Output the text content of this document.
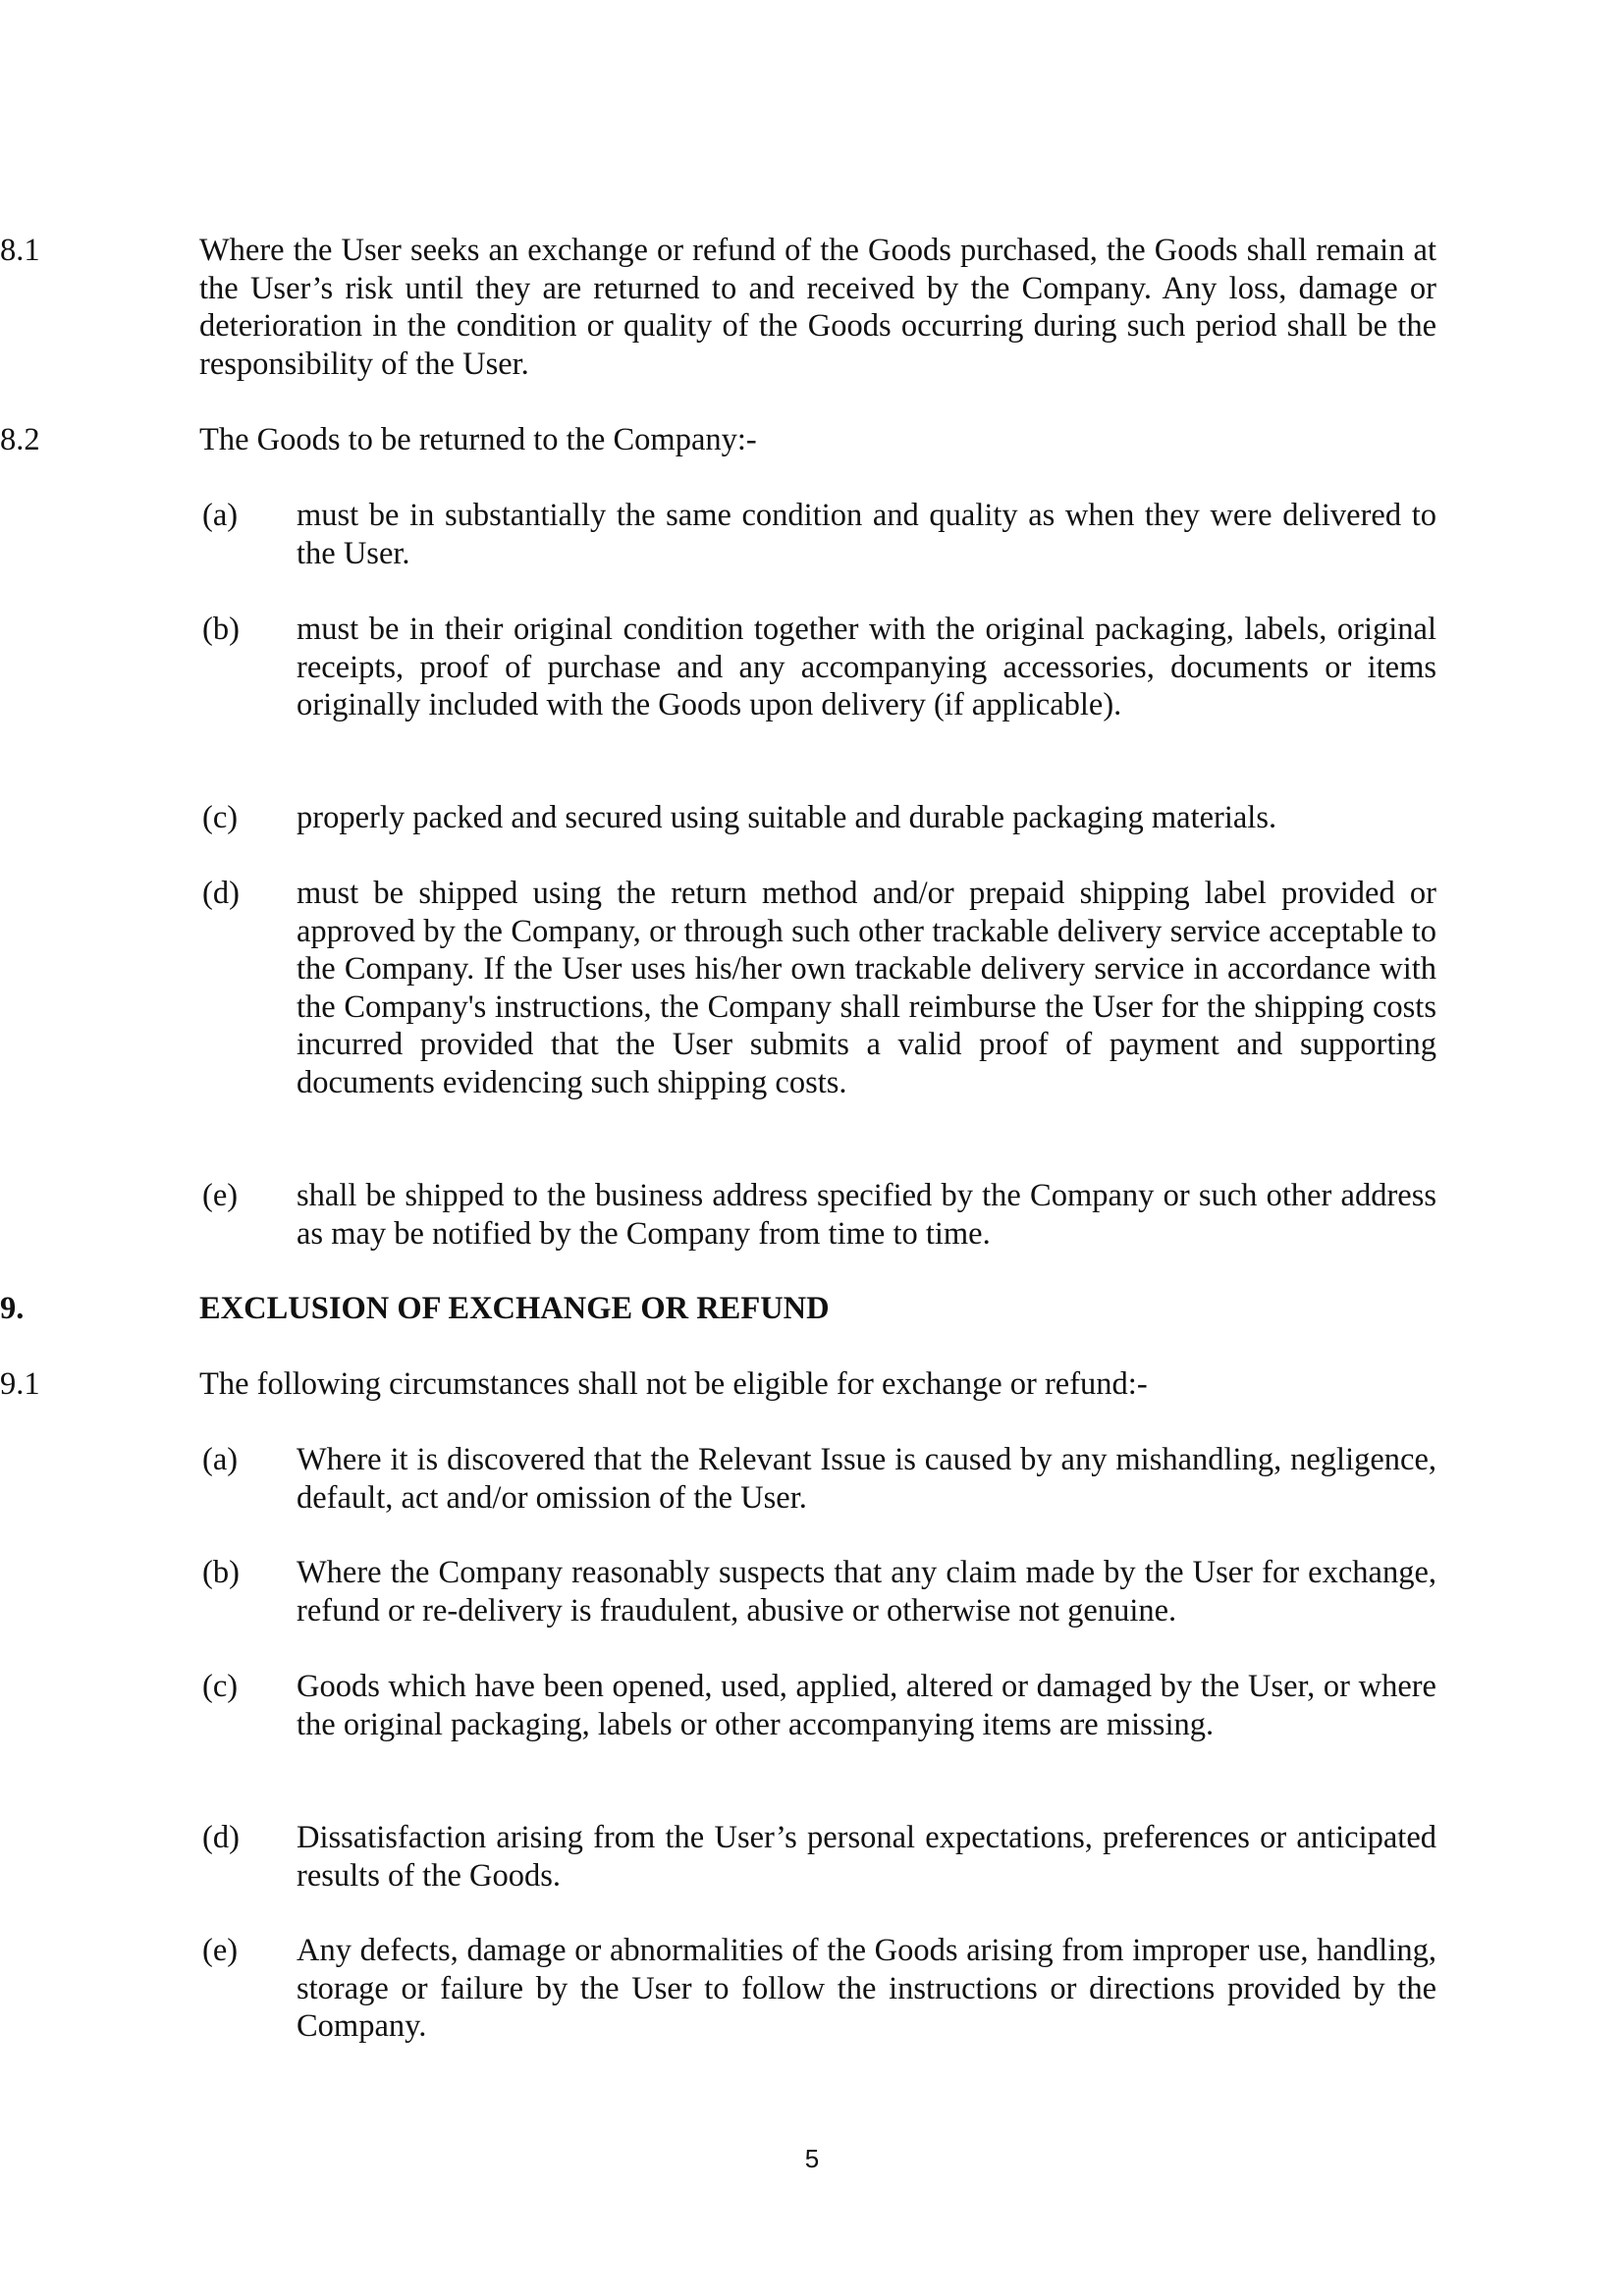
8.1	Where the User seeks an exchange or refund of the Goods purchased, the Goods shall remain at the User’s risk until they are returned to and received by the Company. Any loss, damage or deterioration in the condition or quality of the Goods occurring during such period shall be the responsibility of the User.
8.2	The Goods to be returned to the Company:-
(a) must be in substantially the same condition and quality as when they were delivered to the User.
(b) must be in their original condition together with the original packaging, labels, original receipts, proof of purchase and any accompanying accessories, documents or items originally included with the Goods upon delivery (if applicable).
(c) properly packed and secured using suitable and durable packaging materials.
(d) must be shipped using the return method and/or prepaid shipping label provided or approved by the Company, or through such other trackable delivery service acceptable to the Company. If the User uses his/her own trackable delivery service in accordance with the Company's instructions, the Company shall reimburse the User for the shipping costs incurred provided that the User submits a valid proof of payment and supporting documents evidencing such shipping costs.
(e) shall be shipped to the business address specified by the Company or such other address as may be notified by the Company from time to time.
9.	EXCLUSION OF EXCHANGE OR REFUND
9.1	The following circumstances shall not be eligible for exchange or refund:-
(a) Where it is discovered that the Relevant Issue is caused by any mishandling, negligence, default, act and/or omission of the User.
(b) Where the Company reasonably suspects that any claim made by the User for exchange, refund or re-delivery is fraudulent, abusive or otherwise not genuine.
(c) Goods which have been opened, used, applied, altered or damaged by the User, or where the original packaging, labels or other accompanying items are missing.
(d) Dissatisfaction arising from the User’s personal expectations, preferences or anticipated results of the Goods.
(e) Any defects, damage or abnormalities of the Goods arising from improper use, handling, storage or failure by the User to follow the instructions or directions provided by the Company.
5
